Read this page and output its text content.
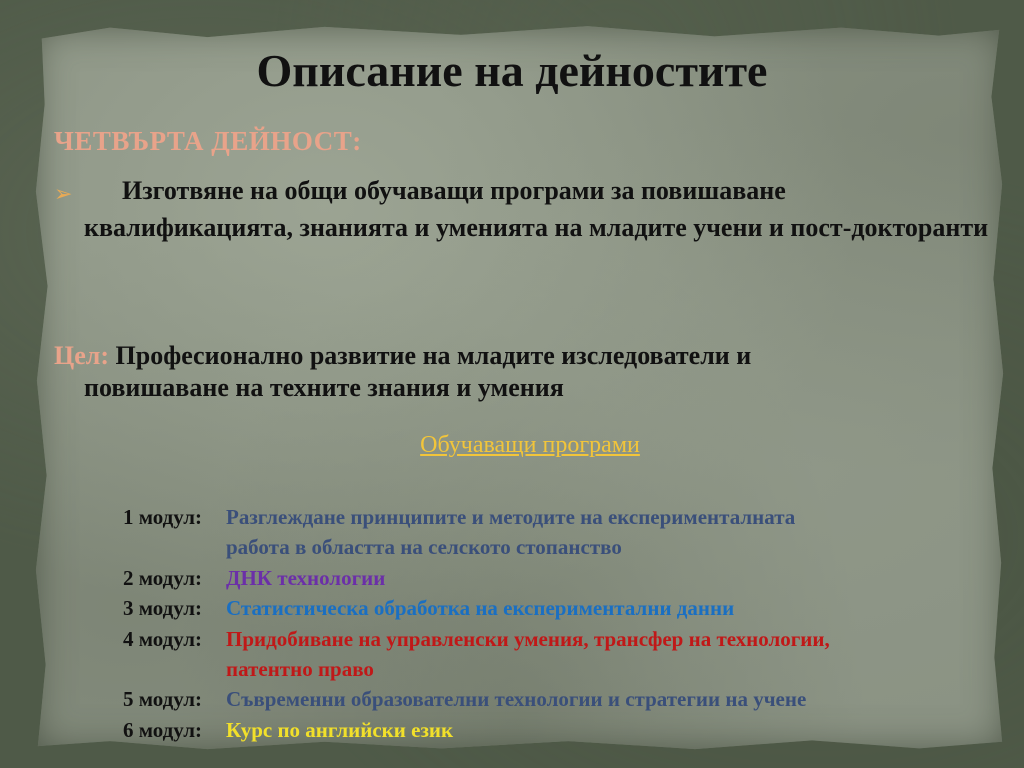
Описание на дейностите
ЧЕТВЪРТА ДЕЙНОСТ:
➢	Изготвяне на общи обучаващи програми за повишаване квалификацията, знанията и уменията на младите учени и пост-докторанти
Цел: Професионално развитие на младите изследователи и
повишаване на техните знания и умения
Обучаващи програми
1 модул:	Разглеждане принципите и методите на експерименталната
работа в областта на селското стопанство
2 модул:	ДНК технологии
3 модул:	Статистическа обработка на експериментални данни
4 модул:	Придобиване на управленски умения, трансфер на технологии,
патентно право
5 модул:	Съвременни образователни технологии и стратегии на учене
6 модул:	Курс по английски език
